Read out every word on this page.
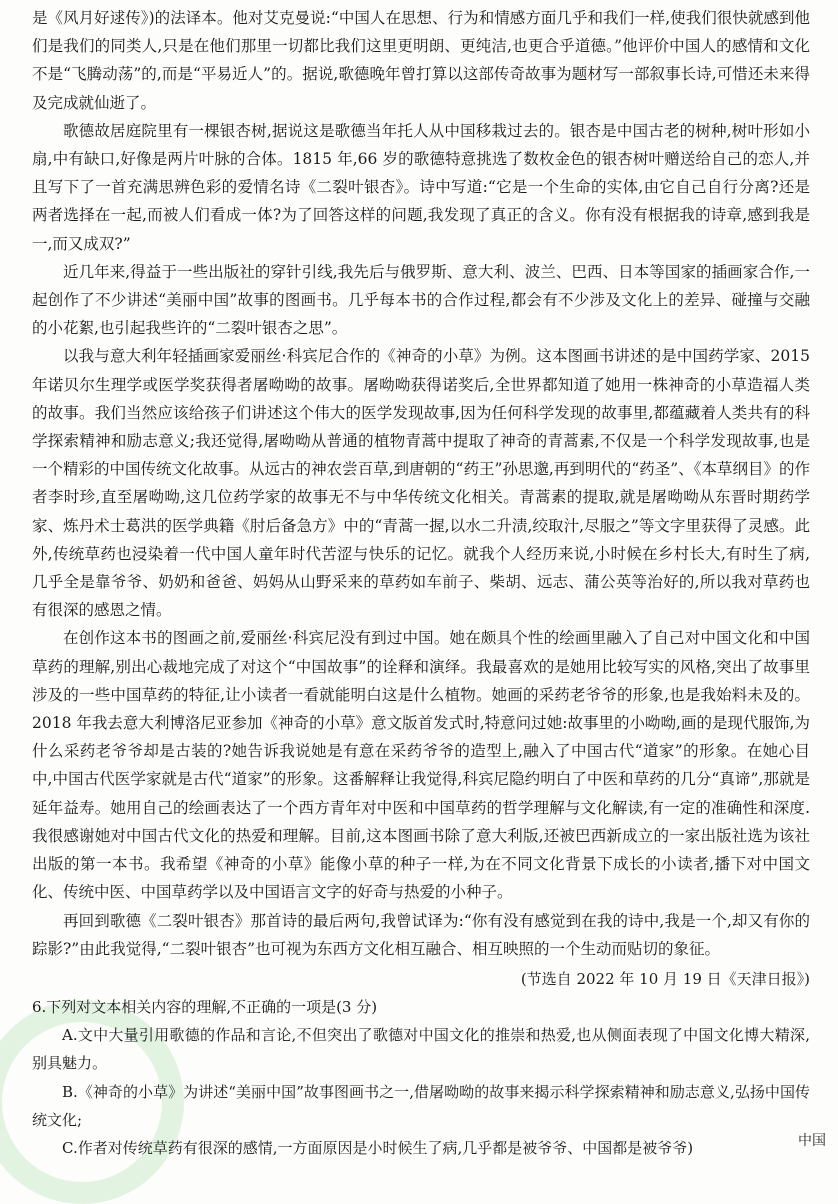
是《风月好逑传》)的法译本。他对艾克曼说:“中国人在思想、行为和情感方面几乎和我们一样,使我们很快就感到他们是我们的同类人,只是在他们那里一切都比我们这里更明朗、更纯洁,也更合乎道德。”他评价中国人的感情和文化不是“飞腾动荡”的,而是“平易近人”的。据说,歌德晚年曾打算以这部传奇故事为题材写一部叙事长诗,可惜还未来得及完成就仙逝了。

歌德故居庭院里有一棵银杏树,据说这是歌德当年托人从中国移栽过去的。银杏是中国古老的树种,树叶形如小扇,中有缺口,好像是两片叶脉的合体。1815 年,66 岁的歌德特意挑选了数枚金色的银杏树叶赠送给自己的恋人,并且写下了一首充满思辨色彩的爱情名诗《二裂叶银杏》。诗中写道:“它是一个生命的实体,由它自己自行分离?还是两者选择在一起,而被人们看成一体?为了回答这样的问题,我发现了真正的含义。你有没有根据我的诗章,感到我是一,而又成双?”

近几年来,得益于一些出版社的穿针引线,我先后与俄罗斯、意大利、波兰、巴西、日本等国家的插画家合作,一起创作了不少讲述“美丽中国”故事的图画书。几乎每本书的合作过程,都会有不少涉及文化上的差异、碰撞与交融的小花絮,也引起我些许的“二裂叶银杏之思”。

以我与意大利年轻插画家爱丽丝·科宾尼合作的《神奇的小草》为例。这本图画书讲述的是中国药学家、2015 年诺贝尔生理学或医学奖获得者屠呦呦的故事。屠呦呦获得诺奖后,全世界都知道了她用一株神奇的小草造福人类的故事。我们当然应该给孩子们讲述这个伟大的医学发现故事,因为任何科学发现的故事里,都蕴藏着人类共有的科学探索精神和励志意义;我还觉得,屠呦呦从普通的植物青蒿中提取了神奇的青蒿素,不仅是一个科学发现故事,也是一个精彩的中国传统文化故事。从远古的神农尝百草,到唐朝的“药王”孙思邈,再到明代的“药圣”、《本草纲目》的作者李时珍,直至屠呦呦,这几位药学家的故事无不与中华传统文化相关。青蒿素的提取,就是屠呦呦从东晋时期药学家、炼丹术士葛洪的医学典籍《肘后备急方》中的“青蒿一握,以水二升渍,绞取汁,尽服之”等文字里获得了灵感。此外,传统草药也浸染着一代中国人童年时代苦涩与快乐的记忆。就我个人经历来说,小时候在乡村长大,有时生了病,几乎全是靠爷爷、奶奶和爸爸、妈妈从山野采来的草药如车前子、柴胡、远志、蒲公英等治好的,所以我对草药也有很深的感恩之情。

在创作这本书的图画之前,爱丽丝·科宾尼没有到过中国。她在颇具个性的绘画里融入了自己对中国文化和中国草药的理解,别出心裁地完成了对这个“中国故事”的诠释和演绎。我最喜欢的是她用比较写实的风格,突出了故事里涉及的一些中国草药的特征,让小读者一看就能明白这是什么植物。她画的采药老爷爷的形象,也是我始料未及的。2018 年我去意大利博洛尼亚参加《神奇的小草》意文版首发式时,特意问过她:故事里的小呦呦,画的是现代服饰,为什么采药老爷爷却是古装的?她告诉我说她是有意在采药爷爷的造型上,融入了中国古代“道家”的形象。在她心目中,中国古代医学家就是古代“道家”的形象。这番解释让我觉得,科宾尼隐约明白了中医和草药的几分“真谛”,那就是延年益寿。她用自己的绘画表达了一个西方青年对中医和中国草药的哲学理解与文化解读,有一定的准确性和深度.我很感谢她对中国古代文化的热爱和理解。目前,这本图画书除了意大利版,还被巴西新成立的一家出版社选为该社出版的第一本书。我希望《神奇的小草》能像小草的种子一样,为在不同文化背景下成长的小读者,播下对中国文化、传统中医、中国草药学以及中国语言文字的好奇与热爱的小种子。

再回到歌德《二裂叶银杏》那首诗的最后两句,我曾试译为:“你有没有感觉到在我的诗中,我是一个,却又有你的踪影?”由此我觉得,“二裂叶银杏”也可视为东西方文化相互融合、相互映照的一个生动而贴切的象征。

(节选自 2022 年 10 月 19 日《天津日报》)

6.下列对文本相关内容的理解,不正确的一项是(3 分)

A.文中大量引用歌德的作品和言论,不但突出了歌德对中国文化的推崇和热爱,也从侧面表现了中国文化博大精深,别具魅力。

B.《神奇的小草》为讲述“美丽中国”故事图画书之一,借屠呦呦的故事来揭示科学探索精神和励志意义,弘扬中国传统文化;

C.作者对传统草药有很深的感情,一方面原因是小时候生了病,几乎都是被爷爷、中国都是被爷爷)	中国
